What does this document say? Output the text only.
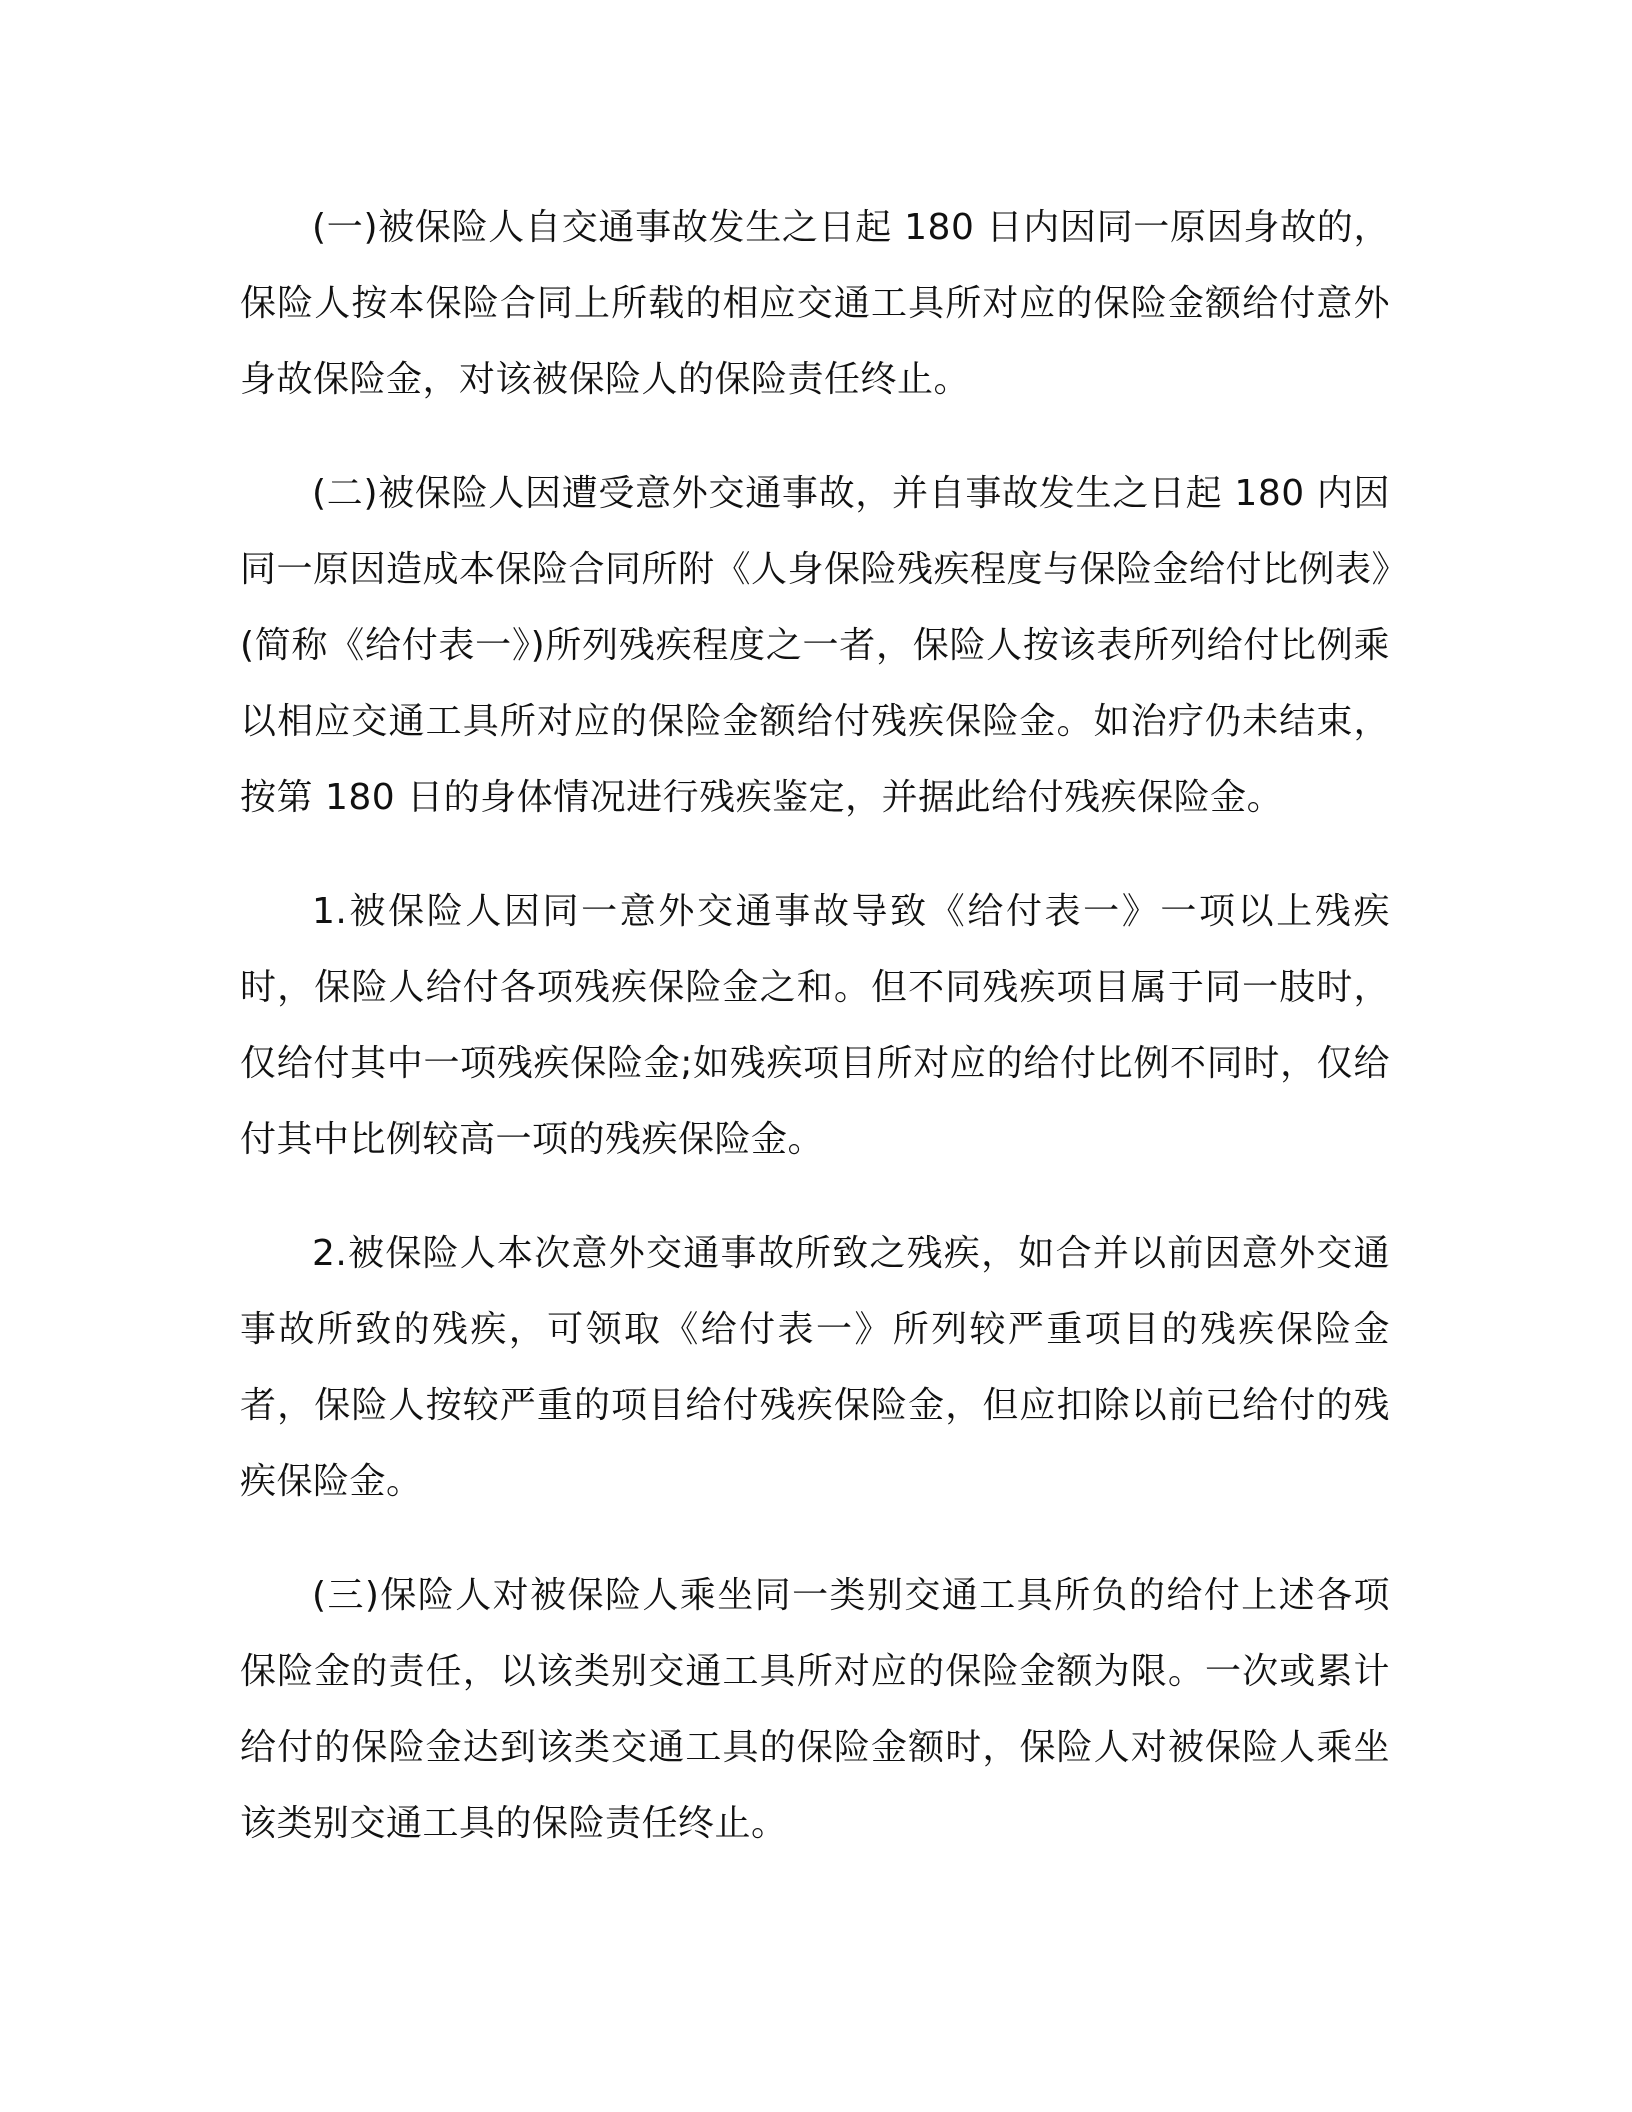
(一)被保险人自交通事故发生之日起 180 日内因同一原因身故的，保险人按本保险合同上所载的相应交通工具所对应的保险金额给付意外身故保险金，对该被保险人的保险责任终止。

(二)被保险人因遭受意外交通事故，并自事故发生之日起 180 内因同一原因造成本保险合同所附《人身保险残疾程度与保险金给付比例表》(简称《给付表一》)所列残疾程度之一者，保险人按该表所列给付比例乘以相应交通工具所对应的保险金额给付残疾保险金。如治疗仍未结束，按第 180 日的身体情况进行残疾鉴定，并据此给付残疾保险金。

1.被保险人因同一意外交通事故导致《给付表一》一项以上残疾时，保险人给付各项残疾保险金之和。但不同残疾项目属于同一肢时，仅给付其中一项残疾保险金;如残疾项目所对应的给付比例不同时，仅给付其中比例较高一项的残疾保险金。

2.被保险人本次意外交通事故所致之残疾，如合并以前因意外交通事故所致的残疾，可领取《给付表一》所列较严重项目的残疾保险金者，保险人按较严重的项目给付残疾保险金，但应扣除以前已给付的残疾保险金。

(三)保险人对被保险人乘坐同一类别交通工具所负的给付上述各项保险金的责任，以该类别交通工具所对应的保险金额为限。一次或累计给付的保险金达到该类交通工具的保险金额时，保险人对被保险人乘坐该类别交通工具的保险责任终止。
